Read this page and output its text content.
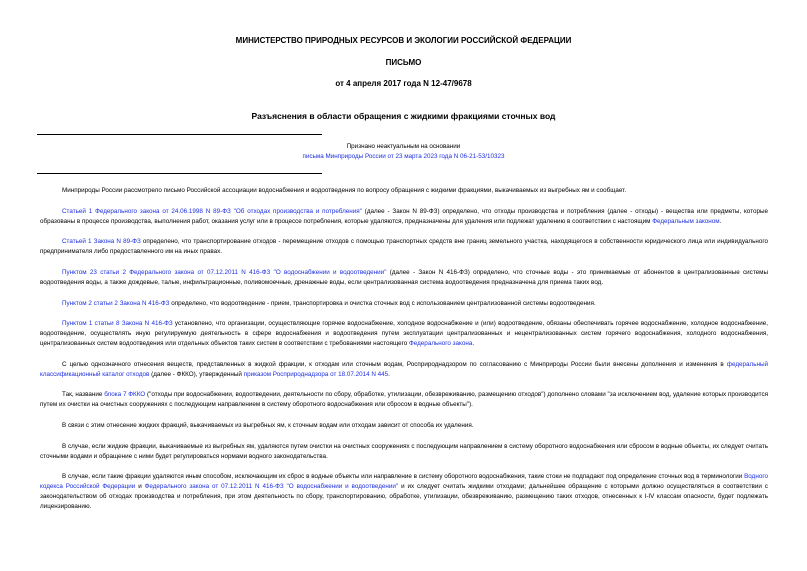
МИНИСТЕРСТВО ПРИРОДНЫХ РЕСУРСОВ И ЭКОЛОГИИ РОССИЙСКОЙ ФЕДЕРАЦИИ
ПИСЬМО
от 4 апреля 2017 года N 12-47/9678
Разъяснения в области обращения с жидкими фракциями сточных вод
Признано неактуальным на основании
письма Минприроды России от 23 марта 2023 года N 06-21-53/10323

Минприроды России рассмотрело письмо Российской ассоциации водоснабжения и водоотведения по вопросу обращения с жидкими фракциями, выкачиваемых из выгребных ям и сообщает.

Статьей 1 Федерального закона от 24.06.1998 N 89-ФЗ "Об отходах производства и потребления" (далее - Закон N 89-ФЗ) определено, что отходы производства и потребления (далее - отходы) - вещества или предметы, которые образованы в процессе производства, выполнения работ, оказания услуг или в процессе потребления, которые удаляются, предназначены для удаления или подлежат удалению в соответствии с настоящим Федеральным законом.

Статьей 1 Закона N 89-ФЗ определено, что транспортирование отходов - перемещение отходов с помощью транспортных средств вне границ земельного участка, находящегося в собственности юридического лица или индивидуального предпринимателя либо предоставленного им на иных правах.

Пунктом 23 статьи 2 Федерального закона от 07.12.2011 N 416-ФЗ "О водоснабжении и водоотведении" (далее - Закон N 416-ФЗ) определено, что сточные воды - это принимаемые от абонентов в централизованные системы водоотведения воды, а также дождевые, талые, инфильтрационные, поливомоечные, дренажные воды, если централизованная система водоотведения предназначена для приема таких вод.

Пунктом 2 статьи 2 Закона N 416-ФЗ определено, что водоотведение - прием, транспортировка и очистка сточных вод с использованием централизованной системы водоотведения.

Пунктом 1 статьи 8 Закона N 416-ФЗ установлено, что организации, осуществляющие горячее водоснабжение, холодное водоснабжение и (или) водоотведение, обязаны обеспечивать горячее водоснабжение, холодное водоснабжение, водоотведение, осуществлять иную регулируемую деятельность в сфере водоснабжения и водоотведения путем эксплуатации централизованных и нецентрализованных систем горячего водоснабжения, холодного водоснабжения, централизованных систем водоотведения или отдельных объектов таких систем в соответствии с требованиями настоящего Федерального закона.

С целью однозначного отнесения веществ, представленных в жидкой фракции, к отходам или сточным водам, Росприроднадзором по согласованию с Минприроды России были внесены дополнения и изменения в федеральный классификационный каталог отходов (далее - ФККО), утвержденный приказом Росприроднадзора от 18.07.2014 N 445.

Так, название блока 7 ФККО ("отходы при водоснабжении, водоотведении, деятельности по сбору, обработке, утилизации, обезвреживанию, размещению отходов") дополнено словами "за исключением вод, удаление которых производится путем их очистки на очистных сооружениях с последующим направлением в систему оборотного водоснабжения или сбросом в водные объекты").

В связи с этим отнесение жидких фракций, выкачиваемых из выгребных ям, к сточным водам или отходам зависит от способа их удаления.

В случае, если жидкие фракции, выкачиваемые из выгребных ям, удаляются путем очистки на очистных сооружениях с последующим направлением в систему оборотного водоснабжения или сбросом в водные объекты, их следует считать сточными водами и обращение с ними будет регулироваться нормами водного законодательства.

В случае, если такие фракции удаляются иным способом, исключающим их сброс в водные объекты или направление в систему оборотного водоснабжения, такие стоки не подпадают под определение сточных вод в терминологии Водного кодекса Российской Федерации и Федерального закона от 07.12.2011 N 416-ФЗ "О водоснабжении и водоотведении" и их следует считать жидкими отходами; дальнейшее обращение с которыми должно осуществляться в соответствии с законодательством об отходах производства и потребления, при этом деятельность по сбору, транспортированию, обработке, утилизации, обезвреживанию, размещению таких отходов, отнесенных к I-IV классам опасности, будет подлежать лицензированию.
